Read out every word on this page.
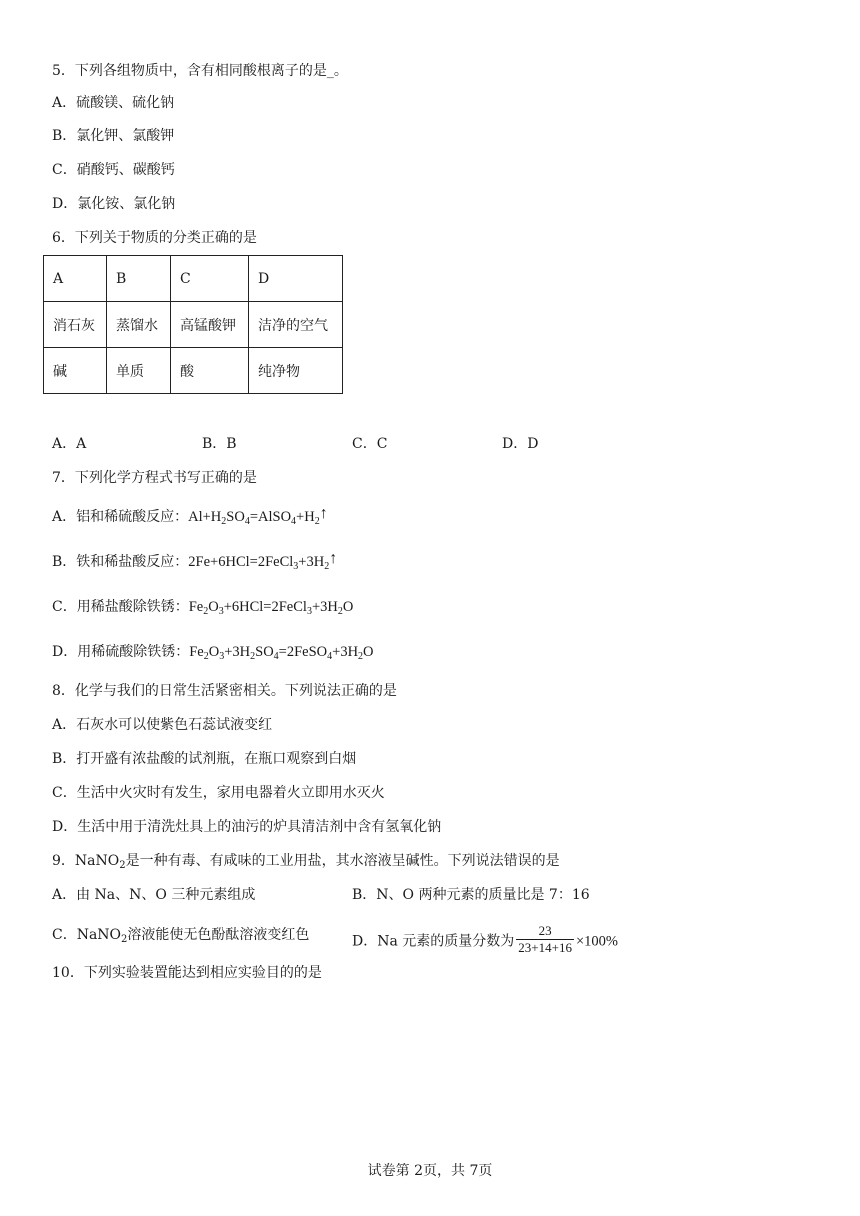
5．下列各组物质中，含有相同酸根离子的是_。
A．硫酸镁、硫化钠
B．氯化钾、氯酸钾
C．硝酸钙、碳酸钙
D．氯化铵、氯化钠
6．下列关于物质的分类正确的是
A	B	C	D
消石灰	蒸馏水	高锰酸钾	洁净的空气
碱	单质	酸	纯净物
A．A	B．B	C．C	D．D
7．下列化学方程式书写正确的是
A．铝和稀硫酸反应：$Al+H_2SO_4=AlSO_4+H_2↑$
B．铁和稀盐酸反应：$2Fe+6HCl=2FeCl_3+3H_2↑$
C．用稀盐酸除铁锈：$Fe_2O_3+6HCl=2FeCl_3+3H_2O$
D．用稀硫酸除铁锈：$Fe_2O_3+3H_2SO_4=2FeSO_4+3H_2O$
8．化学与我们的日常生活紧密相关。下列说法正确的是
A．石灰水可以使紫色石蕊试液变红
B．打开盛有浓盐酸的试剂瓶，在瓶口观察到白烟
C．生活中火灾时有发生，家用电器着火立即用水灭火
D．生活中用于清洗灶具上的油污的炉具清洁剂中含有氢氧化钠
9．NaNO$_2$是一种有毒、有咸味的工业用盐，其水溶液呈碱性。下列说法错误的是
A．由 Na、N、O 三种元素组成	B．N、O 两种元素的质量比是 7：16
C．NaNO$_2$溶液能使无色酚酞溶液变红色	D．Na 元素的质量分数为 $\frac{23}{23+14+16} \times 100\%$
10．下列实验装置能达到相应实验目的的是
试卷第 2页，共 7页
